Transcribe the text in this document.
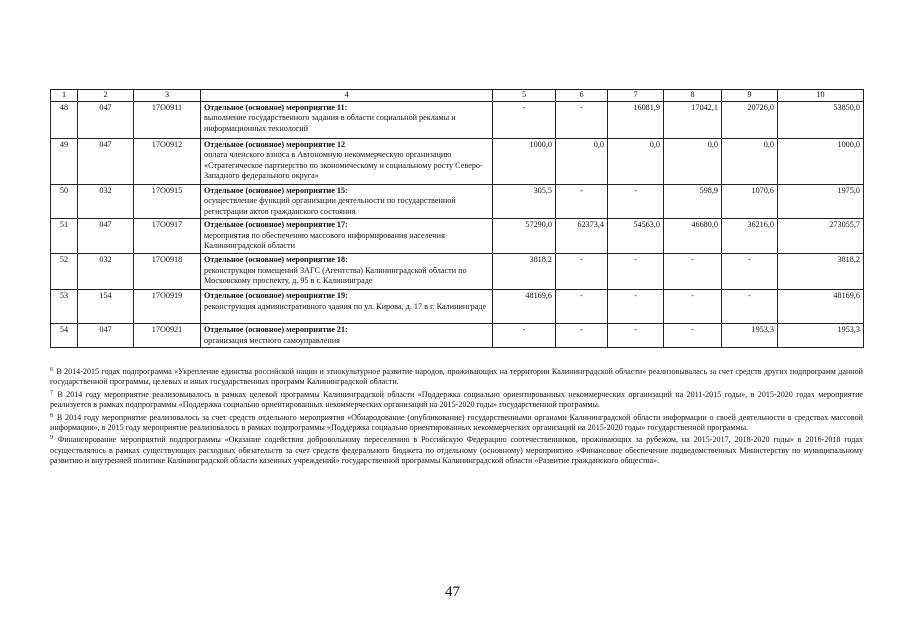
1	2	3	4	5	6	7	8	9	10
48	047	17О0911	Отдельное (основное) мероприятие 11:
выполнение государственного задания в области социальной рекламы и информационных технологий	-	-	16081,9	17042,1	20726,0	53850,0
49	047	17О0912	Отдельное (основное) мероприятие 12
оплата членского взноса в Автономную некоммерческую организацию «Стратегическое партнерство по экономическому и социальному росту Северо-Западного федерального округа»	1000,0	0,0	0,0	0,0	0,0	1000,0
50	032	17О0915	Отдельное (основное) мероприятие 15:
осуществление функций организации деятельности по государственной регистрации актов гражданского состояния	305,5	-	-	598,9	1070,6	1975,0
51	047	17О0917	Отдельное (основное) мероприятие 17:
мероприятия по обеспечению массового информирования населения Калининградской области	57290,0	62373,4	54563,0	46680,0	36216,0	273055,7
52	032	17О0918	Отдельное (основное) мероприятие 18:
реконструкция помещений ЗАГС (Агентства) Калининградской области по Московскому проспекту, д. 95 в г. Калининграде	3818,2	-	-	-	-	3818,2
53	154	17О0919	Отдельное (основное) мероприятие 19:
реконструкция административного здания по ул. Кирова, д. 17 в г. Калининграде	48169,6	-	-	-	-	48169,6
54	047	17О0921	Отдельное (основное) мероприятие 21:
организация местного самоуправления	-	-	-	-	1953,3	1953,3

$^6$ В 2014-2015 годах подпрограмма «Укрепление единства российской нации и этнокультурное развитие народов, проживающих на территории Калининградской области» реализовывалась за счет средств других подпрограмм данной государственной программы, целевых и иных государственных программ Калининградской области.

$^7$ В 2014 году мероприятие реализовывалось в рамках целевой программы Калининградской области «Поддержка социально ориентированных некоммерческих организаций на 2011-2015 годы», в 2015-2020 годах мероприятие реализуется в рамках подпрограммы «Поддержка социально ориентированных некоммерческих организаций на 2015-2020 годы» государственной программы.

$^8$ В 2014 году мероприятие реализовалось за счет средств отдельного мероприятия «Обнародование (опубликование) государственными органами Калининградской области информации о своей деятельности в средствах массовой информации», в 2015 году мероприятие реализовалось в рамках подпрограммы «Поддержка социально ориентированных некоммерческих организаций на 2015-2020 годы» государственной программы.

$^9$ Финансирование мероприятий подпрограммы «Оказание содействия добровольному переселению в Российскую Федерацию соотечественников, проживающих за рубежом, на 2015-2017, 2018-2020 годы» в 2016-2018 годах осуществлялось в рамках существующих расходных обязательств за счет средств федерального бюджета по отдельному (основному) мероприятию «Финансовое обеспечение подведомственных Министерству по муниципальному развитию и внутренней политике Калининградской области казенных учреждений» государственной программы Калининградской области «Развитие гражданского общества».

47
